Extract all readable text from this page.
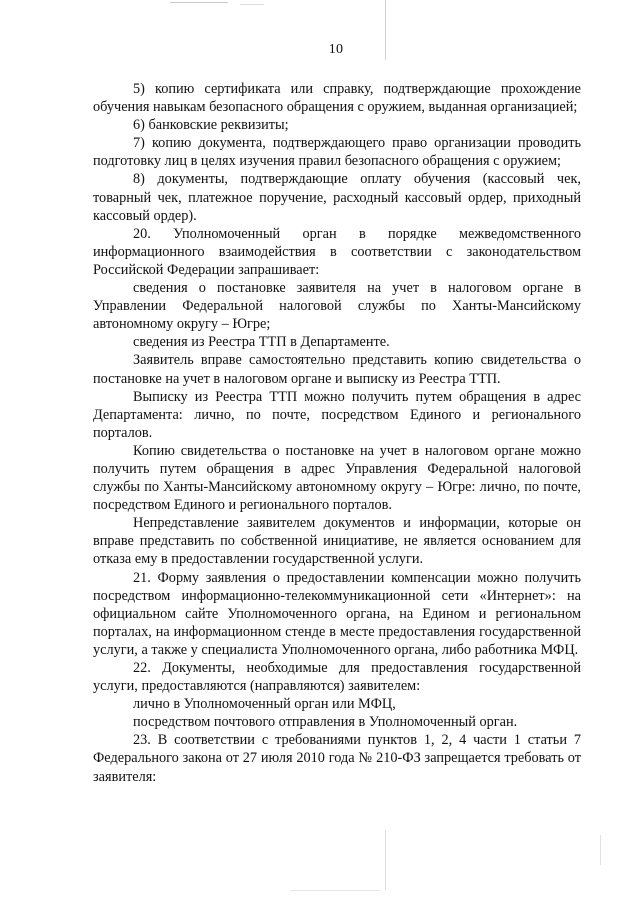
10

5) копию сертификата или справку, подтверждающие прохождение обучения навыкам безопасного обращения с оружием, выданная организацией;

6) банковские реквизиты;

7) копию документа, подтверждающего право организации проводить подготовку лиц в целях изучения правил безопасного обращения с оружием;

8) документы, подтверждающие оплату обучения (кассовый чек, товарный чек, платежное поручение, расходный кассовый ордер, приходный кассовый ордер).

20. Уполномоченный орган в порядке межведомственного информационного взаимодействия в соответствии с законодательством Российской Федерации запрашивает:

сведения о постановке заявителя на учет в налоговом органе в Управлении Федеральной налоговой службы по Ханты-Мансийскому автономному округу – Югре;

сведения из Реестра ТТП в Департаменте.

Заявитель вправе самостоятельно представить копию свидетельства о постановке на учет в налоговом органе и выписку из Реестра ТТП.

Выписку из Реестра ТТП можно получить путем обращения в адрес Департамента: лично, по почте, посредством Единого и регионального порталов.

Копию свидетельства о постановке на учет в налоговом органе можно получить путем обращения в адрес Управления Федеральной налоговой службы по Ханты-Мансийскому автономному округу – Югре: лично, по почте, посредством Единого и регионального порталов.

Непредставление заявителем документов и информации, которые он вправе представить по собственной инициативе, не является основанием для отказа ему в предоставлении государственной услуги.

21. Форму заявления о предоставлении компенсации можно получить посредством информационно-телекоммуникационной сети «Интернет»: на официальном сайте Уполномоченного органа, на Едином и региональном порталах, на информационном стенде в месте предоставления государственной услуги, а также у специалиста Уполномоченного органа, либо работника МФЦ.

22. Документы, необходимые для предоставления государственной услуги, предоставляются (направляются) заявителем:

лично в Уполномоченный орган или МФЦ,

посредством почтового отправления в Уполномоченный орган.

23. В соответствии с требованиями пунктов 1, 2, 4 части 1 статьи 7 Федерального закона от 27 июля 2010 года № 210-ФЗ запрещается требовать от заявителя:
